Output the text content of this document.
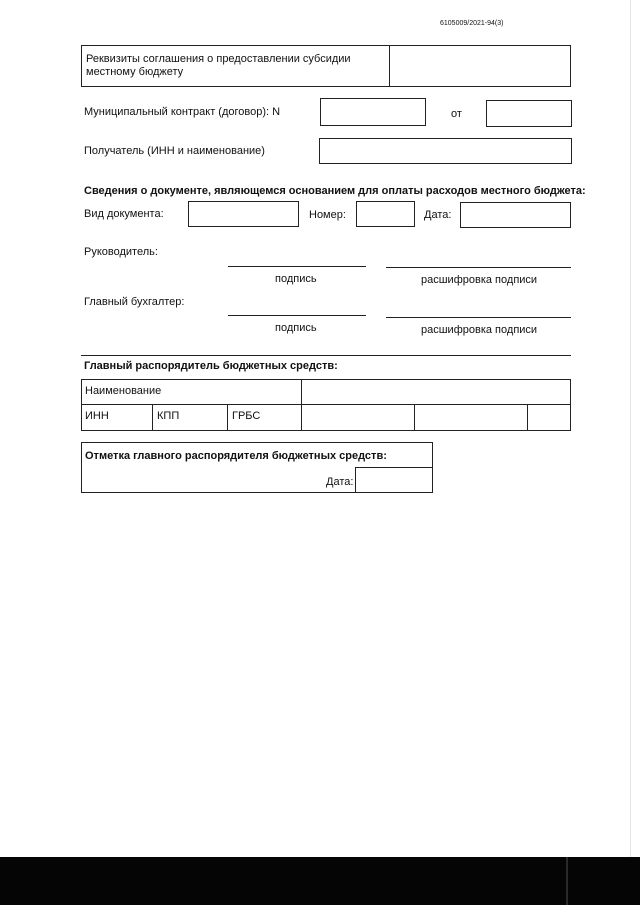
6105009/2021-94(3)
Реквизиты соглашения о предоставлении субсидии
местному бюджету
Муниципальный контракт (договор): N	от
Получатель (ИНН и наименование)
Сведения о документе, являющемся основанием для оплаты расходов местного бюджета:
Вид документа:	Номер:	Дата:
Руководитель:
подпись	расшифровка подписи
Главный бухгалтер:
подпись	расшифровка подписи
Главный распорядитель бюджетных средств:
Наименование
ИНН	КПП	ГРБС
Отметка главного распорядителя бюджетных средств:
Дата:
